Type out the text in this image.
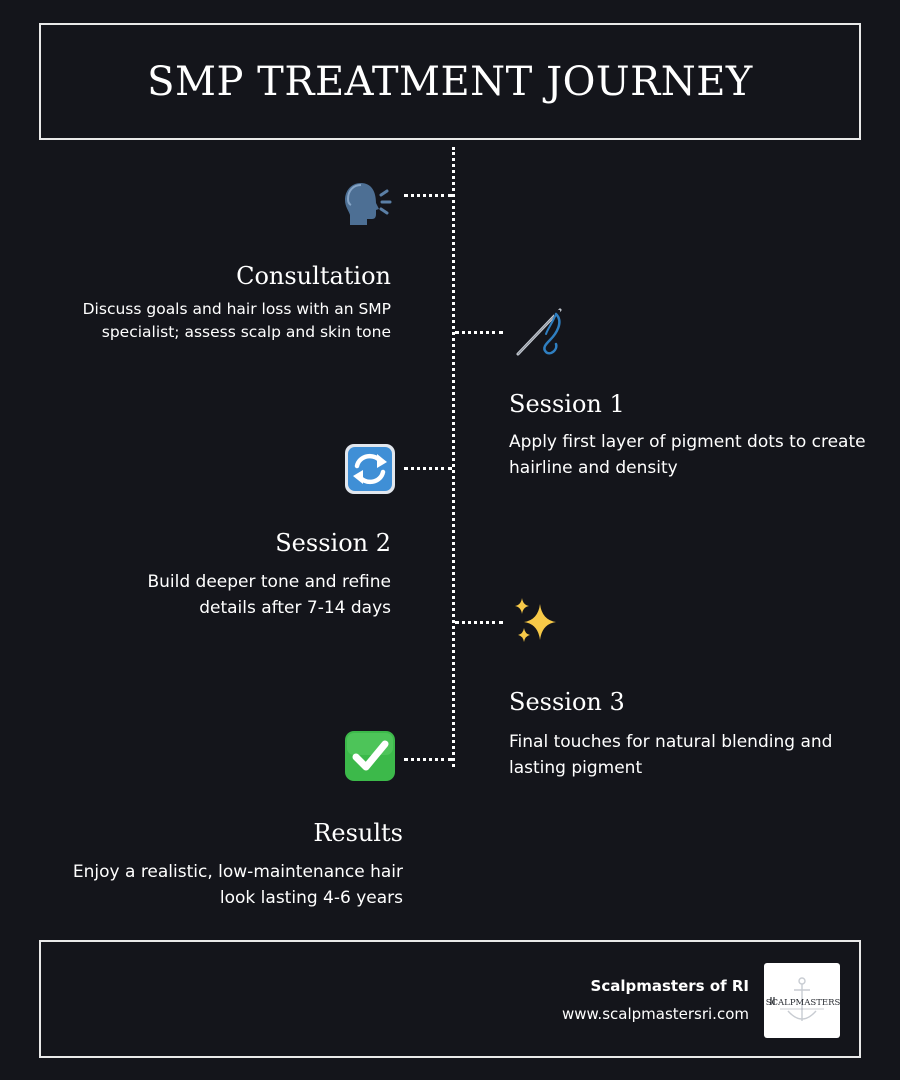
SMP TREATMENT JOURNEY
Consultation
Discuss goals and hair loss with an SMP specialist; assess scalp and skin tone
Session 1
Apply first layer of pigment dots to create hairline and density
Session 2
Build deeper tone and refine details after 7-14 days
Session 3
Final touches for natural blending and lasting pigment
Results
Enjoy a realistic, low-maintenance hair look lasting 4-6 years
Scalpmasters of RI
www.scalpmastersri.com
SCALPMASTERS
